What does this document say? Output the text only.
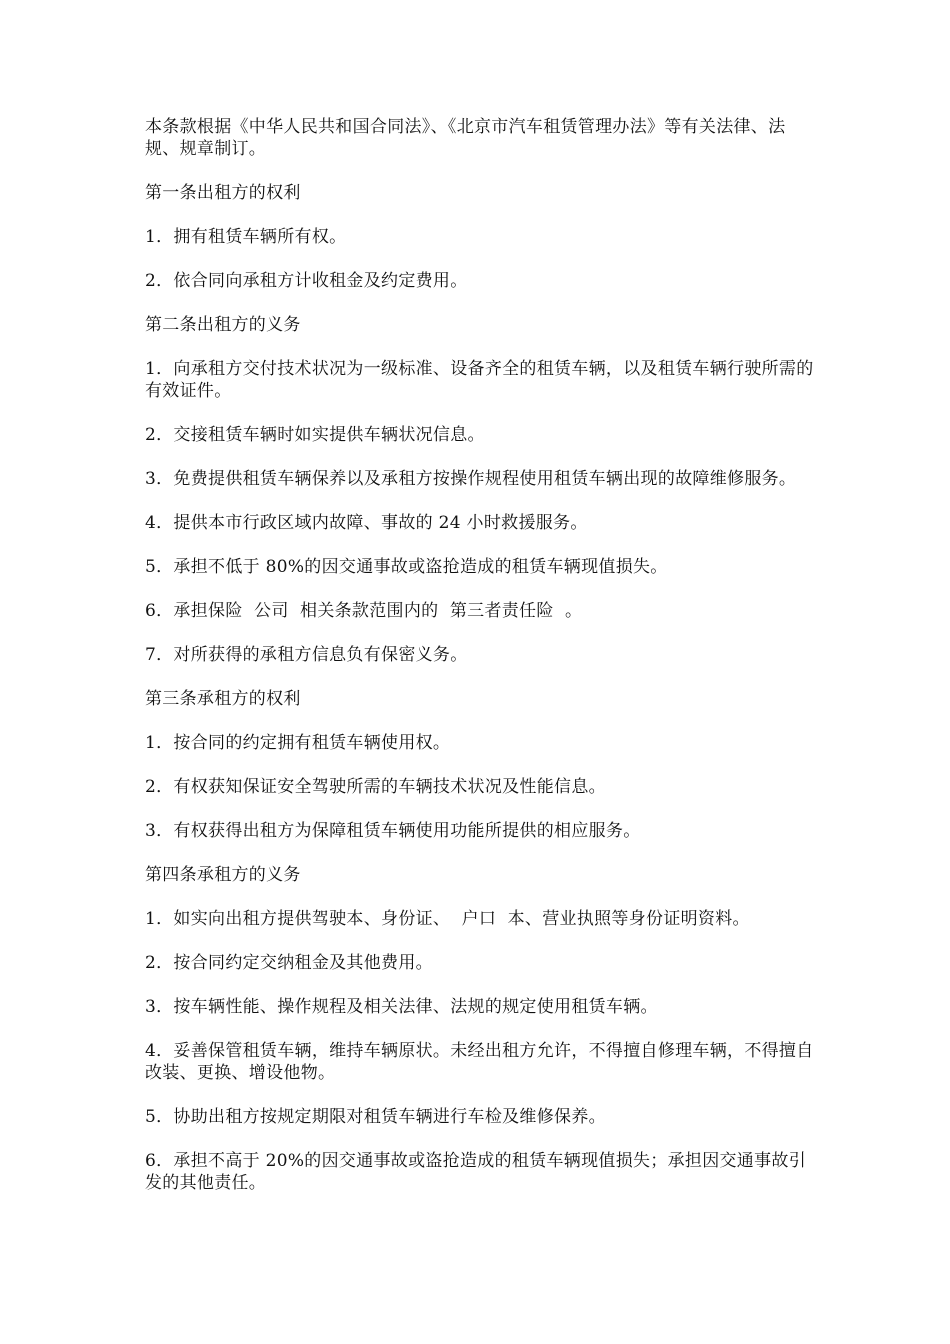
本条款根据《中华人民共和国合同法》、《北京市汽车租赁管理办法》等有关法律、法规、规章制订。

第一条出租方的权利

1．拥有租赁车辆所有权。

2．依合同向承租方计收租金及约定费用。

第二条出租方的义务

1．向承租方交付技术状况为一级标准、设备齐全的租赁车辆，以及租赁车辆行驶所需的有效证件。

2．交接租赁车辆时如实提供车辆状况信息。

3．免费提供租赁车辆保养以及承租方按操作规程使用租赁车辆出现的故障维修服务。

4．提供本市行政区域内故障、事故的 24 小时救援服务。

5．承担不低于 80%的因交通事故或盗抢造成的租赁车辆现值损失。

6．承担保险  公司  相关条款范围内的  第三者责任险  。

7．对所获得的承租方信息负有保密义务。

第三条承租方的权利

1．按合同的约定拥有租赁车辆使用权。

2．有权获知保证安全驾驶所需的车辆技术状况及性能信息。

3．有权获得出租方为保障租赁车辆使用功能所提供的相应服务。

第四条承租方的义务

1．如实向出租方提供驾驶本、身份证、  户口  本、营业执照等身份证明资料。

2．按合同约定交纳租金及其他费用。

3．按车辆性能、操作规程及相关法律、法规的规定使用租赁车辆。

4．妥善保管租赁车辆，维持车辆原状。未经出租方允许，不得擅自修理车辆，不得擅自改装、更换、增设他物。

5．协助出租方按规定期限对租赁车辆进行车检及维修保养。

6．承担不高于 20%的因交通事故或盗抢造成的租赁车辆现值损失；承担因交通事故引发的其他责任。
